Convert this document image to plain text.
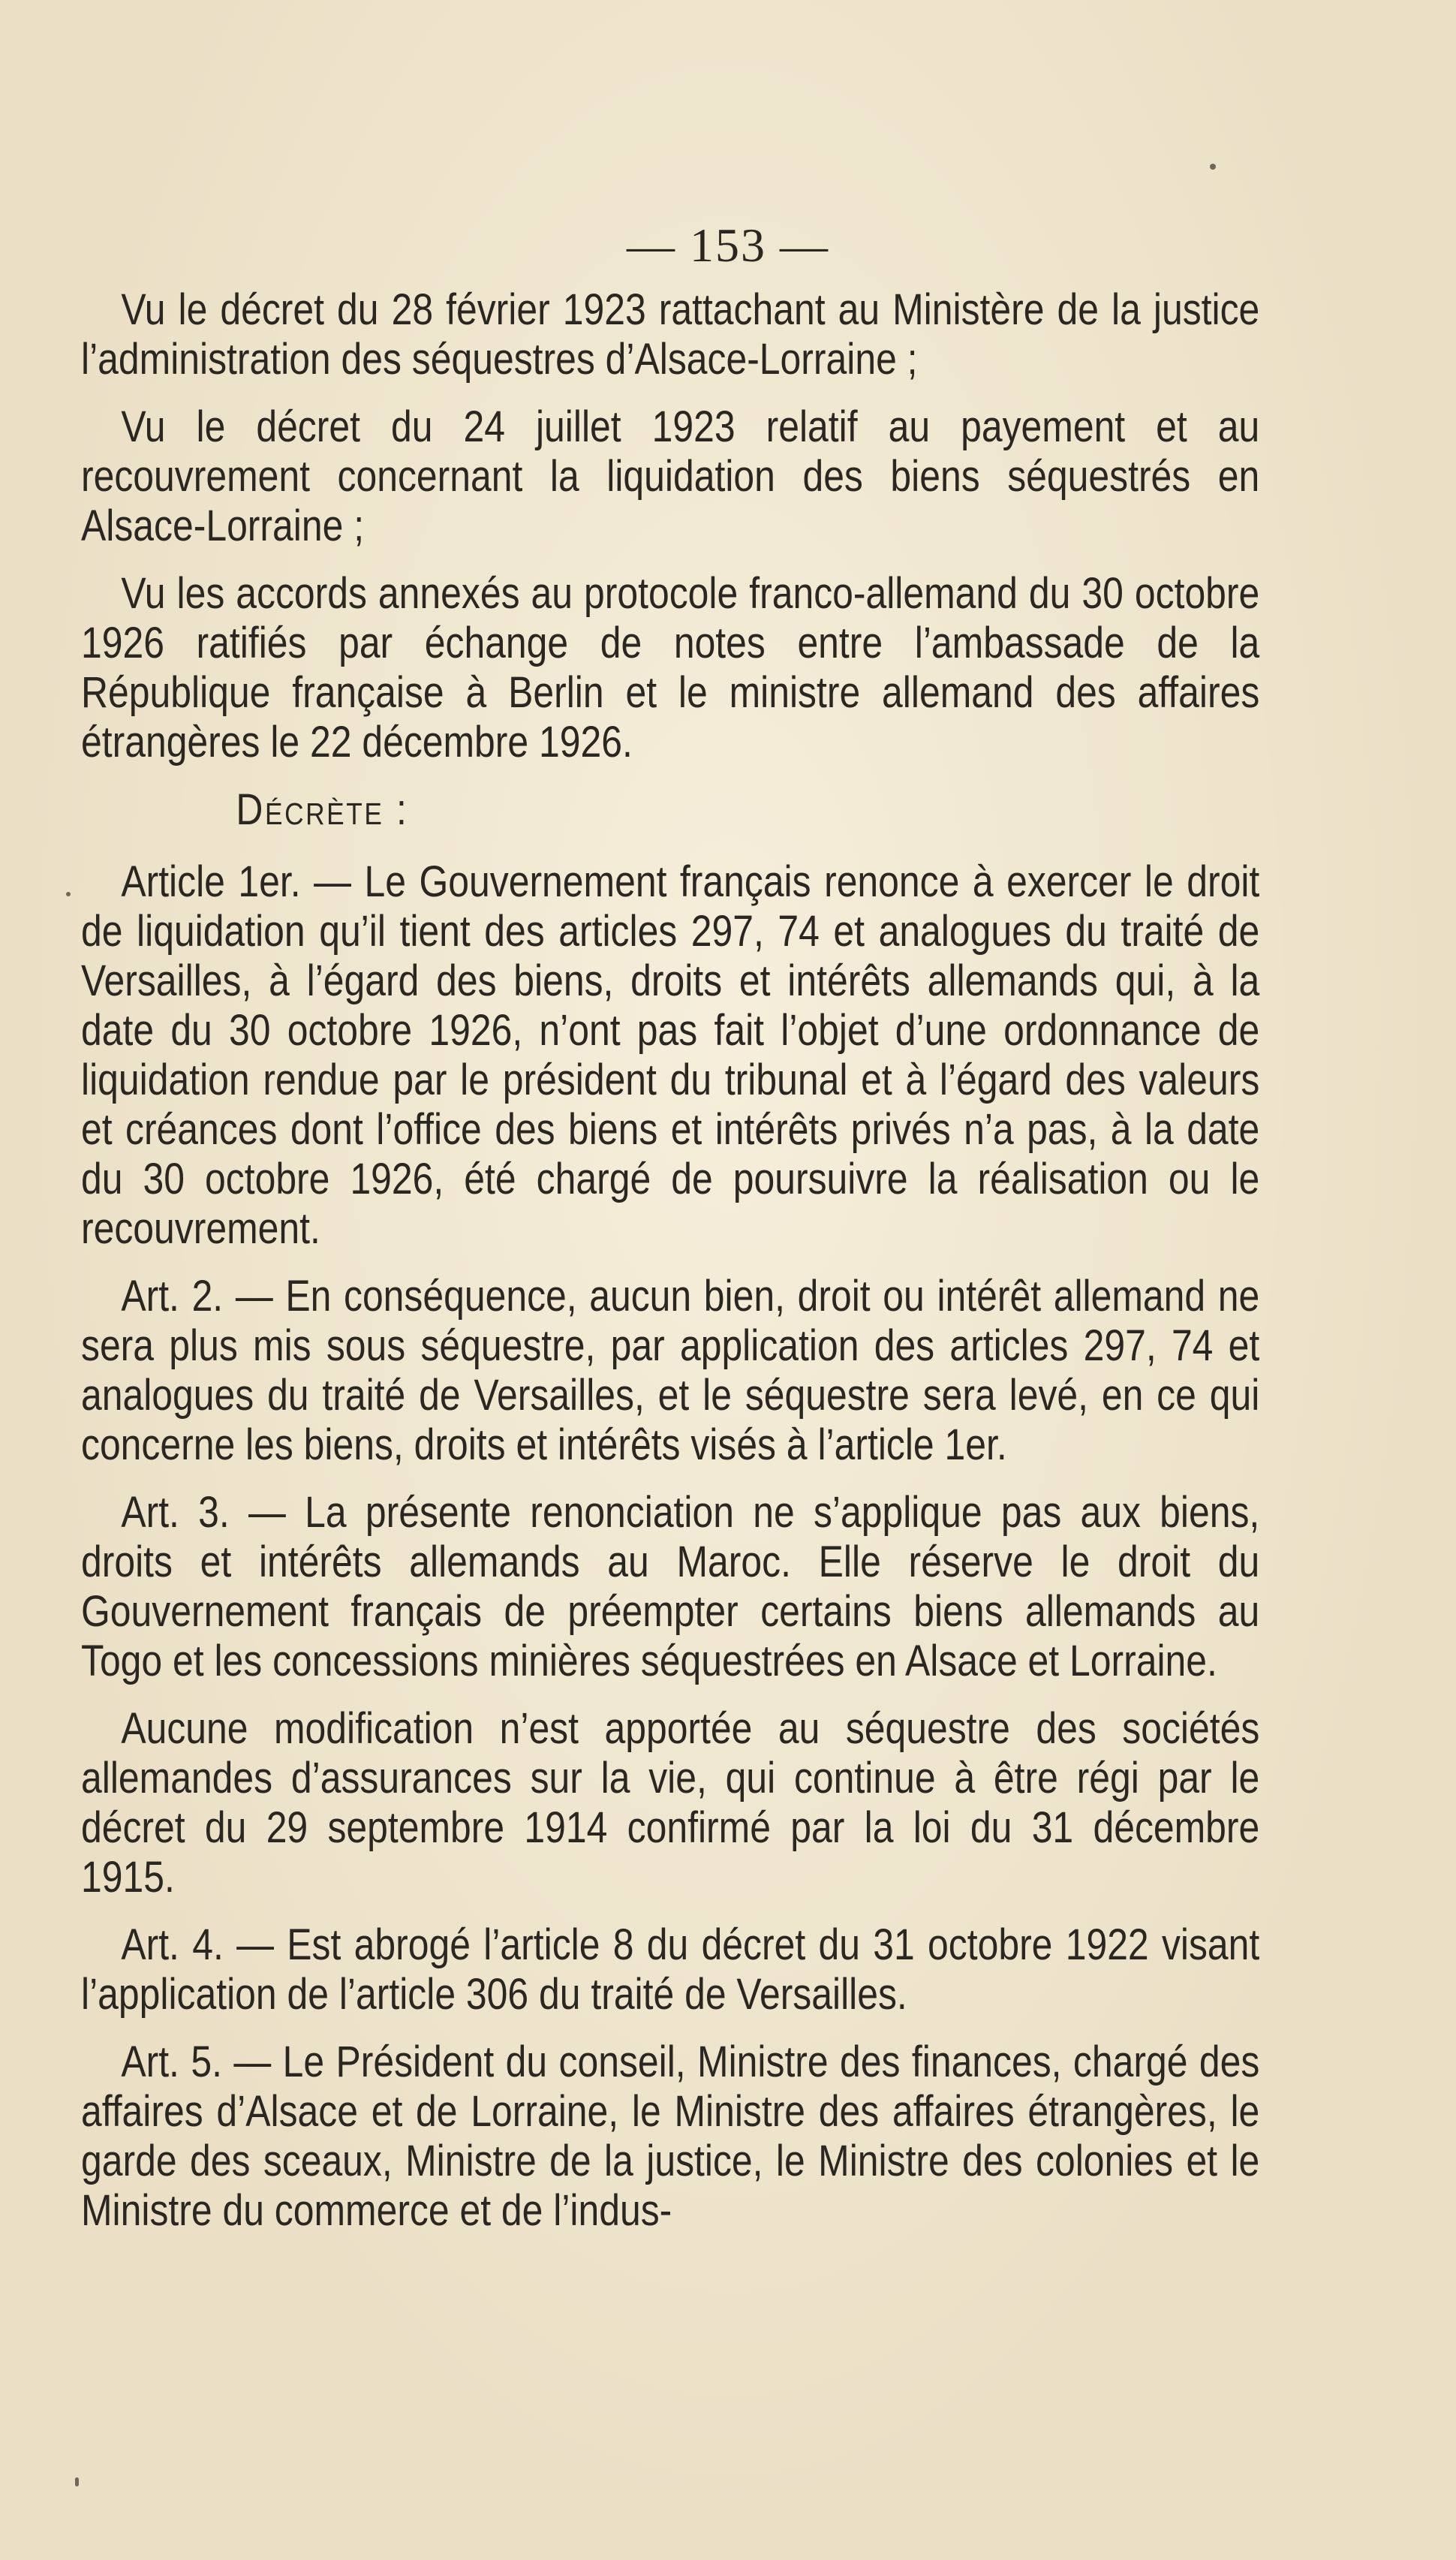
— 153 —

Vu le décret du 28 février 1923 rattachant au Ministère de la justice l’administration des séquestres d’Alsace-Lorraine ;

Vu le décret du 24 juillet 1923 relatif au payement et au recouvrement concernant la liquidation des biens séquestrés en Alsace-Lorraine ;

Vu les accords annexés au protocole franco-allemand du 30 octobre 1926 ratifiés par échange de notes entre l’ambassade de la République française à Berlin et le ministre allemand des affaires étrangères le 22 décembre 1926.

Décrète :

Article 1er. — Le Gouvernement français renonce à exercer le droit de liquidation qu’il tient des articles 297, 74 et analogues du traité de Versailles, à l’égard des biens, droits et intérêts allemands qui, à la date du 30 octobre 1926, n’ont pas fait l’objet d’une ordonnance de liquidation rendue par le président du tribunal et à l’égard des valeurs et créances dont l’office des biens et intérêts privés n’a pas, à la date du 30 octobre 1926, été chargé de poursuivre la réalisation ou le recouvrement.

Art. 2. — En conséquence, aucun bien, droit ou intérêt allemand ne sera plus mis sous séquestre, par application des articles 297, 74 et analogues du traité de Versailles, et le séquestre sera levé, en ce qui concerne les biens, droits et intérêts visés à l’article 1er.

Art. 3. — La présente renonciation ne s’applique pas aux biens, droits et intérêts allemands au Maroc. Elle réserve le droit du Gouvernement français de préempter certains biens allemands au Togo et les concessions minières séquestrées en Alsace et Lorraine.

Aucune modification n’est apportée au séquestre des sociétés allemandes d’assurances sur la vie, qui continue à être régi par le décret du 29 septembre 1914 confirmé par la loi du 31 décembre 1915.

Art. 4. — Est abrogé l’article 8 du décret du 31 octobre 1922 visant l’application de l’article 306 du traité de Versailles.

Art. 5. — Le Président du conseil, Ministre des finances, chargé des affaires d’Alsace et de Lorraine, le Ministre des affaires étrangères, le garde des sceaux, Ministre de la justice, le Ministre des colonies et le Ministre du commerce et de l’indus-
